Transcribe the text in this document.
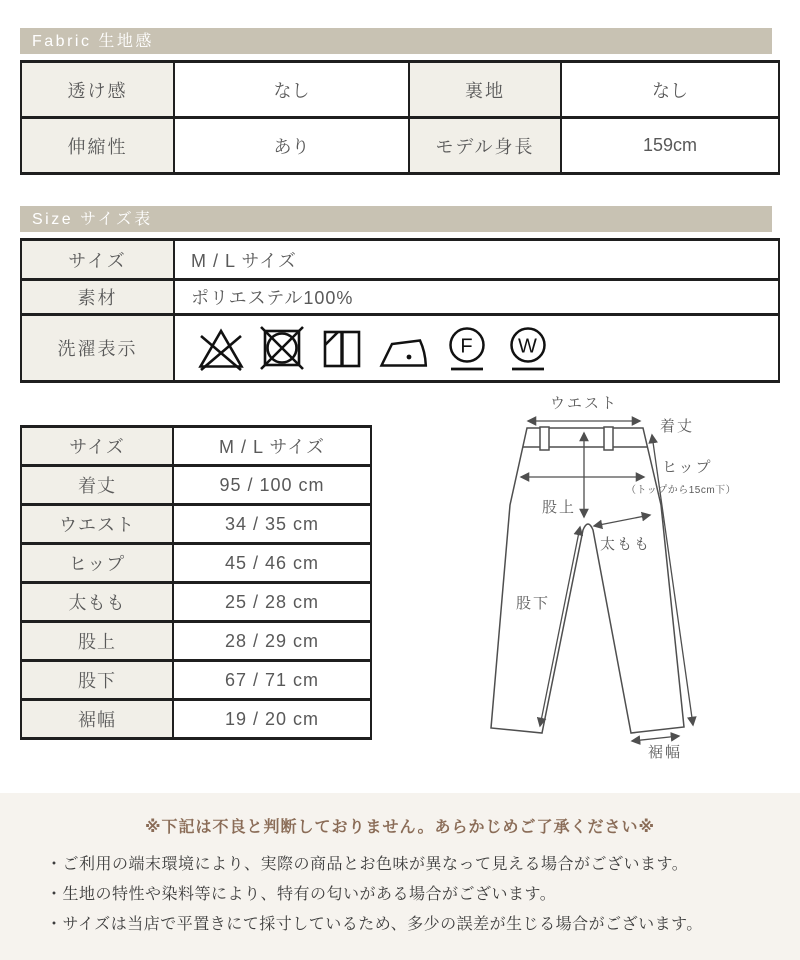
Fabric 生地感
透け感	なし	裏地	なし
伸縮性	あり	モデル身長	159cm
Size サイズ表
サイズ	M / L サイズ
素材	ポリエステル100%
洗濯表示	F W
サイズ	M / L サイズ
着丈	95 / 100 cm
ウエスト	34 / 35 cm
ヒップ	45 / 46 cm
太もも	25 / 28 cm
股上	28 / 29 cm
股下	67 / 71 cm
裾幅	19 / 20 cm
ウエスト
着丈
ヒップ
（トップから15cm下）
股上
太もも
股下
裾幅
※下記は不良と判断しておりません。あらかじめご了承ください※
・ご利用の端末環境により、実際の商品とお色味が異なって見える場合がございます。
・生地の特性や染料等により、特有の匂いがある場合がございます。
・サイズは当店で平置きにて採寸しているため、多少の誤差が生じる場合がございます。
